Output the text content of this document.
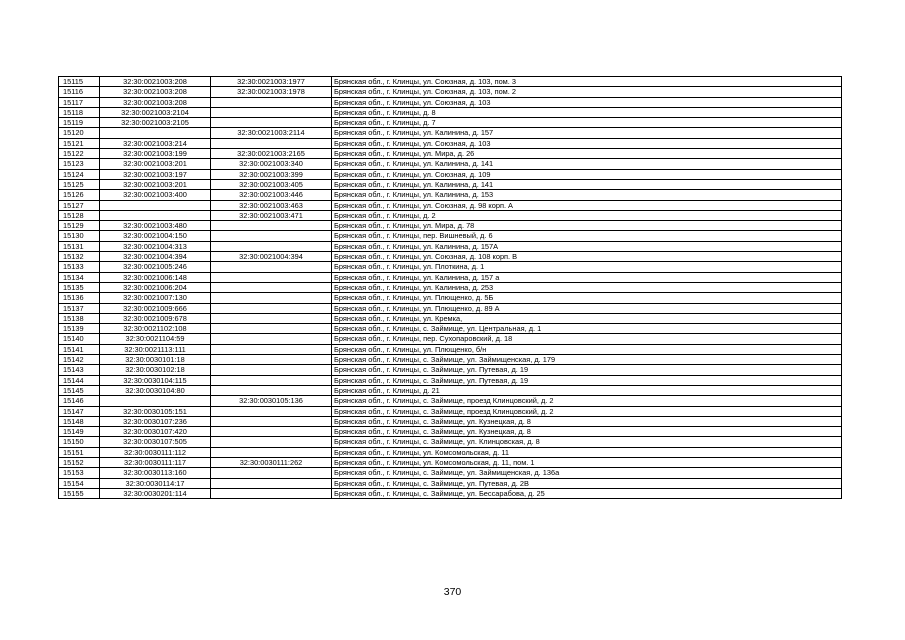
15115	32:30:0021003:208	32:30:0021003:1977	Брянская обл., г. Клинцы, ул. Союзная, д. 103, пом. 3
15116	32:30:0021003:208	32:30:0021003:1978	Брянская обл., г. Клинцы, ул. Союзная, д. 103, пом. 2
15117	32:30:0021003:208		Брянская обл., г. Клинцы, ул. Союзная, д. 103
15118	32:30:0021003:2104		Брянская обл., г. Клинцы, д. 8
15119	32:30:0021003:2105		Брянская обл., г. Клинцы, д. 7
15120		32:30:0021003:2114	Брянская обл., г. Клинцы, ул. Калинина, д. 157
15121	32:30:0021003:214		Брянская обл., г. Клинцы, ул. Союзная, д. 103
15122	32:30:0021003:199	32:30:0021003:2165	Брянская обл., г. Клинцы, ул. Мира, д. 26
15123	32:30:0021003:201	32:30:0021003:340	Брянская обл., г. Клинцы, ул. Калинина, д. 141
15124	32:30:0021003:197	32:30:0021003:399	Брянская обл., г. Клинцы, ул. Союзная, д. 109
15125	32:30:0021003:201	32:30:0021003:405	Брянская обл., г. Клинцы, ул. Калинина, д. 141
15126	32:30:0021003:400	32:30:0021003:446	Брянская обл., г. Клинцы, ул. Калинина, д. 153
15127		32:30:0021003:463	Брянская обл., г. Клинцы, ул. Союзная, д. 98 корп. А
15128		32:30:0021003:471	Брянская обл., г. Клинцы, д. 2
15129	32:30:0021003:480		Брянская обл., г. Клинцы, ул. Мира, д. 78
15130	32:30:0021004:150		Брянская обл., г. Клинцы, пер. Вишневый, д. 6
15131	32:30:0021004:313		Брянская обл., г. Клинцы, ул. Калинина, д. 157А
15132	32:30:0021004:394	32:30:0021004:394	Брянская обл., г. Клинцы, ул. Союзная, д. 108 корп. В
15133	32:30:0021005:246		Брянская обл., г. Клинцы, ул. Плоткина, д. 1
15134	32:30:0021006:148		Брянская обл., г. Клинцы, ул. Калинина, д. 157 а
15135	32:30:0021006:204		Брянская обл., г. Клинцы, ул. Калинина, д. 253
15136	32:30:0021007:130		Брянская обл., г. Клинцы, ул. Плющенко, д. 5Б
15137	32:30:0021009:666		Брянская обл., г. Клинцы, ул. Плющенко, д. 89 А
15138	32:30:0021009:678		Брянская обл., г. Клинцы, ул. Кремка,
15139	32:30:0021102:108		Брянская обл., г. Клинцы, с. Займище, ул. Центральная, д. 1
15140	32:30:0021104:59		Брянская обл., г. Клинцы, пер. Сухопаровский, д. 18
15141	32:30:0021113:111		Брянская обл., г. Клинцы, ул. Плющенко, б/н
15142	32:30:0030101:18		Брянская обл., г. Клинцы, с. Займище, ул. Займищенская, д. 179
15143	32:30:0030102:18		Брянская обл., г. Клинцы, с. Займище, ул. Путевая, д. 19
15144	32:30:0030104:115		Брянская обл., г. Клинцы, с. Займище, ул. Путевая, д. 19
15145	32:30:0030104:80		Брянская обл., г. Клинцы, д. 21
15146		32:30:0030105:136	Брянская обл., г. Клинцы, с. Займище, проезд Клинцовский, д. 2
15147	32:30:0030105:151		Брянская обл., г. Клинцы, с. Займище, проезд Клинцовский, д. 2
15148	32:30:0030107:236		Брянская обл., г. Клинцы, с. Займище, ул. Кузнецкая, д. 8
15149	32:30:0030107:420		Брянская обл., г. Клинцы, с. Займище, ул. Кузнецкая, д. 8
15150	32:30:0030107:505		Брянская обл., г. Клинцы, с. Займище, ул. Клинцовская, д. 8
15151	32:30:0030111:112		Брянская обл., г. Клинцы, ул. Комсомольская, д. 11
15152	32:30:0030111:117	32:30:0030111:262	Брянская обл., г. Клинцы, ул. Комсомольская, д. 11, пом. 1
15153	32:30:0030113:160		Брянская обл., г. Клинцы, с. Займище, ул. Займищенская, д. 136а
15154	32:30:0030114:17		Брянская обл., г. Клинцы, с. Займище, ул. Путевая, д. 2В
15155	32:30:0030201:114		Брянская обл., г. Клинцы, с. Займище, ул. Бессарабова, д. 25
370
